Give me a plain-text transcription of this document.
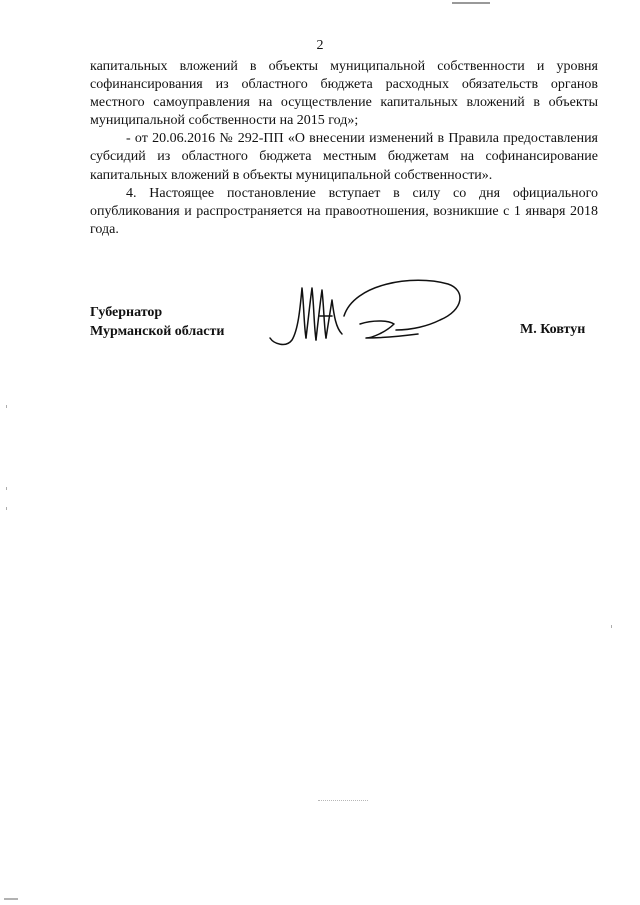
2

капитальных вложений в объекты муниципальной собственности и уровня софинансирования из областного бюджета расходных обязательств органов местного самоуправления на осуществление капитальных вложений в объекты муниципальной собственности на 2015 год»;

- от 20.06.2016 № 292-ПП «О внесении изменений в Правила предоставления субсидий из областного бюджета местным бюджетам на софинансирование капитальных вложений в объекты муниципальной собственности».

4. Настоящее постановление вступает в силу со дня официального опубликования и распространяется на правоотношения, возникшие с 1 января 2018 года.

Губернатор
Мурманской области	М. Ковтун
